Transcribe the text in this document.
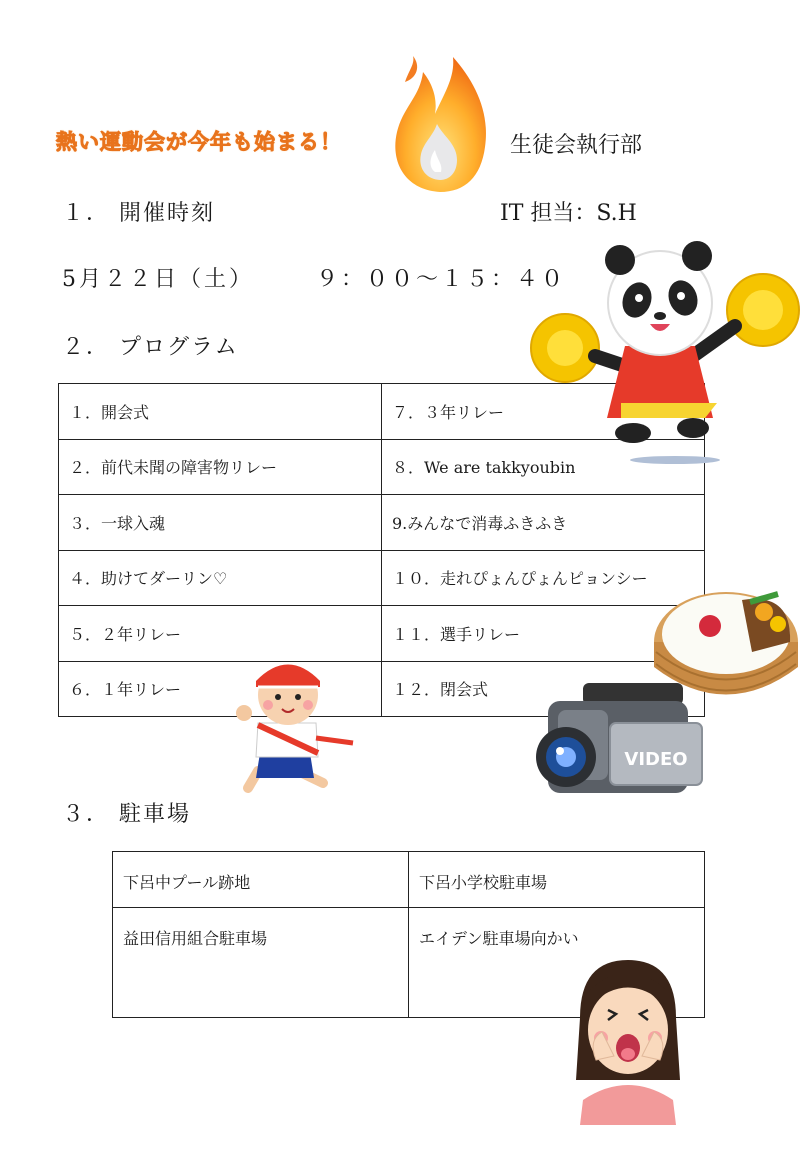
熱い運動会が今年も始まる！	生徒会執行部
１． 開催時刻	IT 担当：S.H
5月２２日（土）	９：００～１５：４０
２． プログラム
１．開会式	７．３年リレー
２．前代未聞の障害物リレー	８．We are takkyoubin
３．一球入魂	9.みんなで消毒ふきふき
４．助けてダーリン♡	１０．走れぴょんぴょんピョンシー
５．２年リレー	１１．選手リレー
６．１年リレー	１２．閉会式
VIDEO
３． 駐車場
下呂中プール跡地	下呂小学校駐車場
益田信用組合駐車場	エイデン駐車場向かい
